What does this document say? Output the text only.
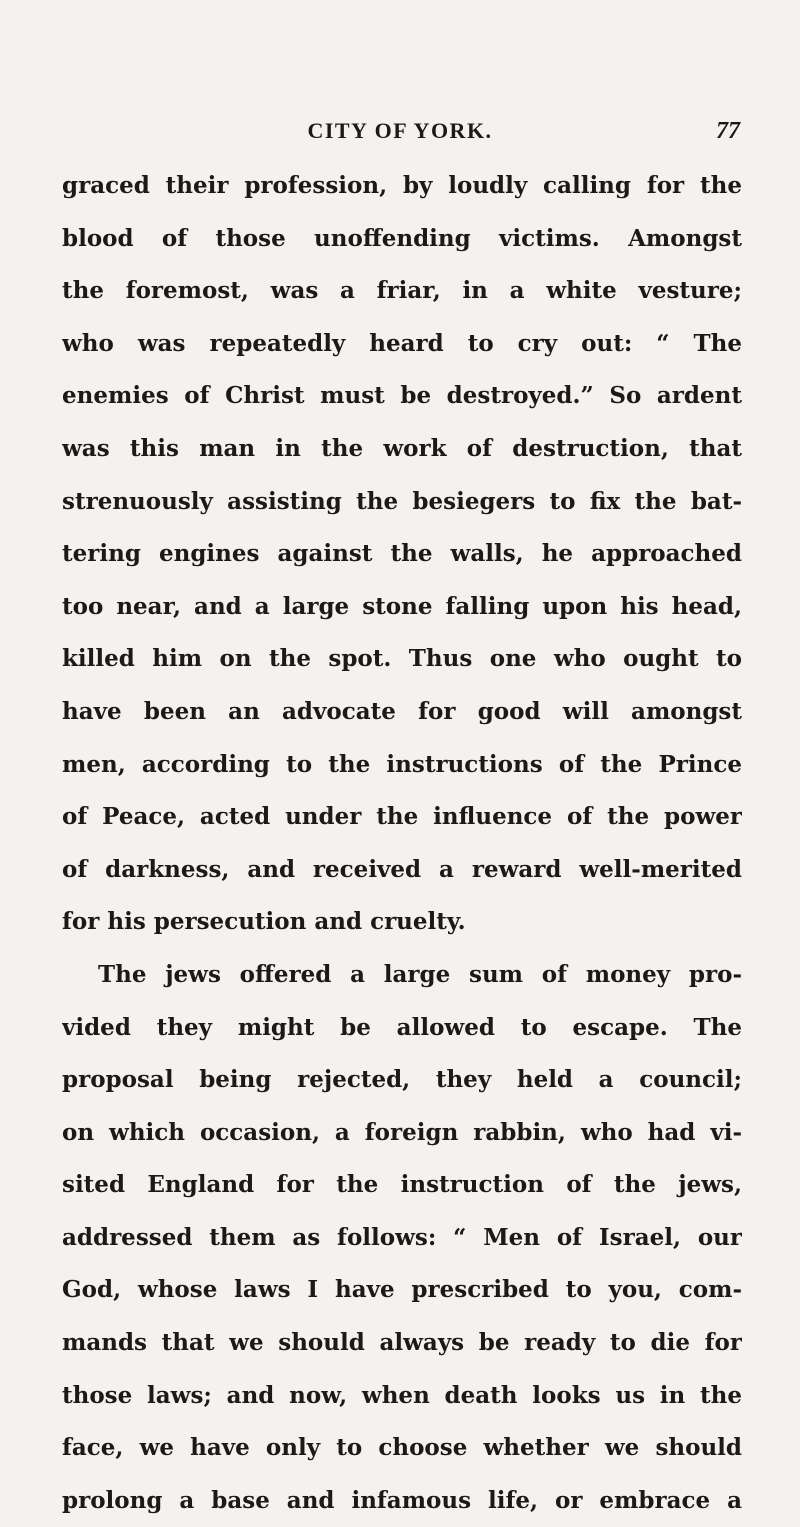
CITY OF YORK.	77
graced their profession, by loudly calling for the
blood of those unoffending victims. Amongst
the foremost, was a friar, in a white vesture;
who was repeatedly heard to cry out: “ The
enemies of Christ must be destroyed.” So ardent
was this man in the work of destruction, that
strenuously assisting the besiegers to fix the bat-
tering engines against the walls, he approached
too near, and a large stone falling upon his head,
killed him on the spot. Thus one who ought to
have been an advocate for good will amongst
men, according to the instructions of the Prince
of Peace, acted under the influence of the power
of darkness, and received a reward well-merited
for his persecution and cruelty.
The jews offered a large sum of money pro-
vided they might be allowed to escape. The
proposal being rejected, they held a council;
on which occasion, a foreign rabbin, who had vi-
sited England for the instruction of the jews,
addressed them as follows: “ Men of Israel, our
God, whose laws I have prescribed to you, com-
mands that we should always be ready to die for
those laws; and now, when death looks us in the
face, we have only to choose whether we should
prolong a base and infamous life, or embrace a
